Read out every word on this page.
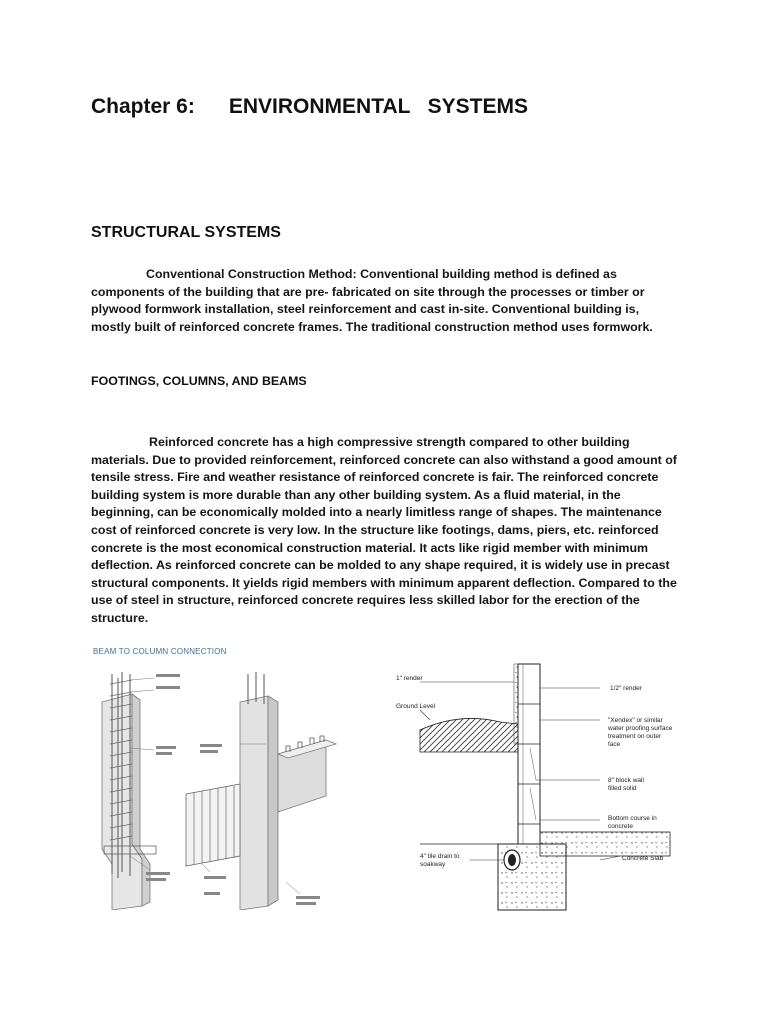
Chapter 6: ENVIRONMENTAL   SYSTEMS
STRUCTURAL SYSTEMS
Conventional Construction Method: Conventional building method is defined as components of the building that are pre- fabricated on site through the processes or timber or plywood formwork installation, steel reinforcement and cast in-site. Conventional building is, mostly built of reinforced concrete frames. The traditional construction method uses formwork.
FOOTINGS, COLUMNS, AND BEAMS
Reinforced concrete has a high compressive strength compared to other building materials. Due to provided reinforcement, reinforced concrete can also withstand a good amount of tensile stress. Fire and weather resistance of reinforced concrete is fair. The reinforced concrete building system is more durable than any other building system. As a fluid material, in the beginning, can be economically molded into a nearly limitless range of shapes. The maintenance cost of reinforced concrete is very low. In the structure like footings, dams, piers, etc. reinforced concrete is the most economical construction material. It acts like rigid member with minimum deflection. As reinforced concrete can be molded to any shape required, it is widely use in precast structural components. It yields rigid members with minimum apparent deflection. Compared to the use of steel in structure, reinforced concrete requires less skilled labor for the erection of the structure.
BEAM TO COLUMN CONNECTION
1" render
Ground Level
1/2" render
"Xendex" or similar water proofing surface treatment on outer face
8" block wall filled solid
Bottom course in concrete
4" tile drain to soakway
Concrete Slab
